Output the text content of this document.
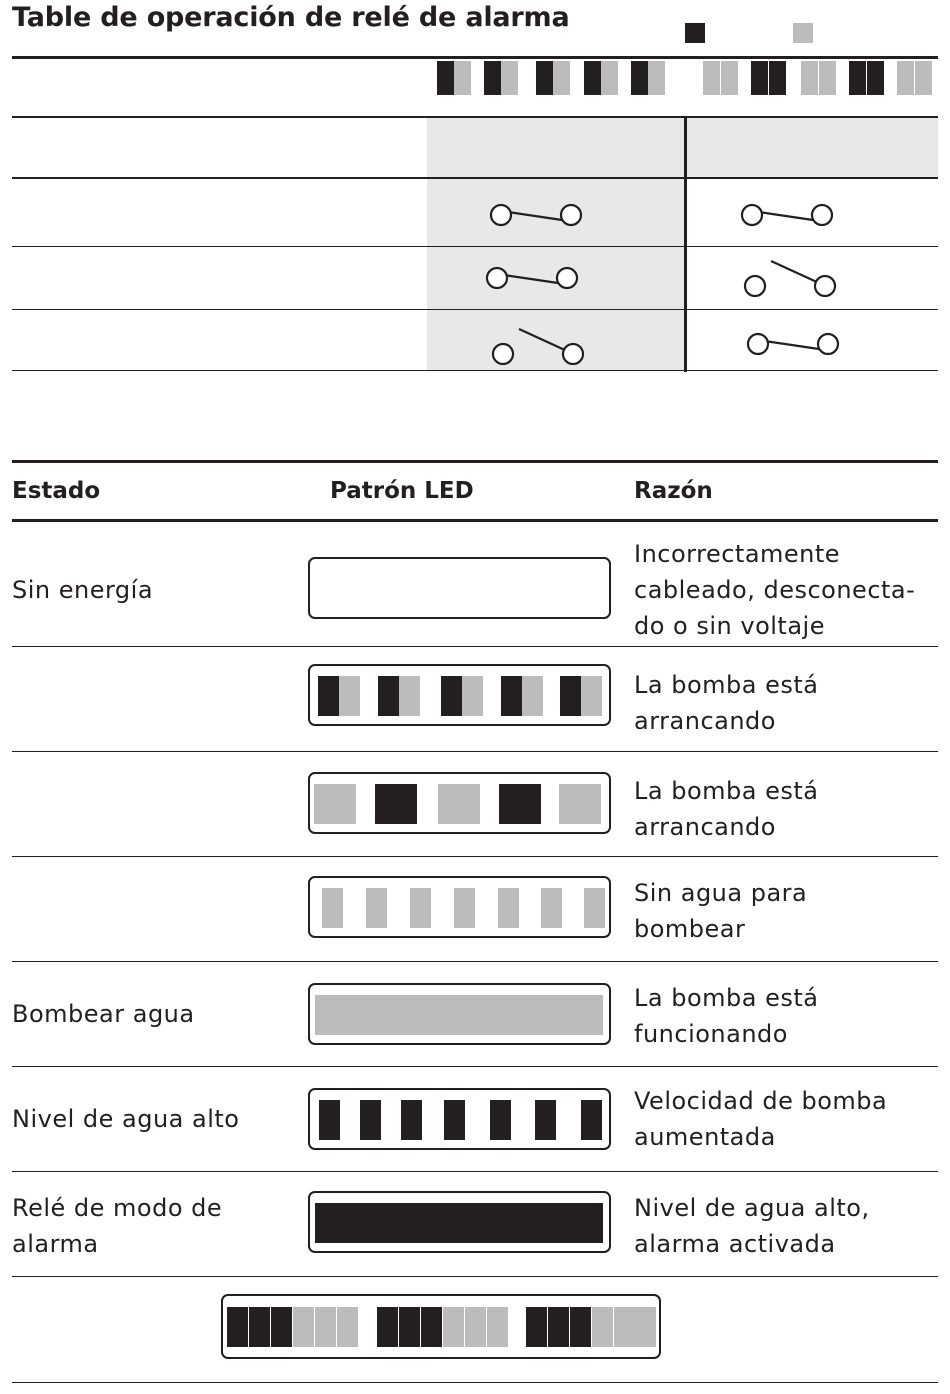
Table de operación de relé de alarma
Estado	Patrón LED	Razón
Sin energía
Incorrectamente
cableado, desconecta-
do o sin voltaje
La bomba está
arrancando
La bomba está
arrancando
Sin agua para
bombear
Bombear agua
La bomba está
funcionando
Nivel de agua alto
Velocidad de bomba
aumentada
Relé de modo de
alarma
Nivel de agua alto,
alarma activada
